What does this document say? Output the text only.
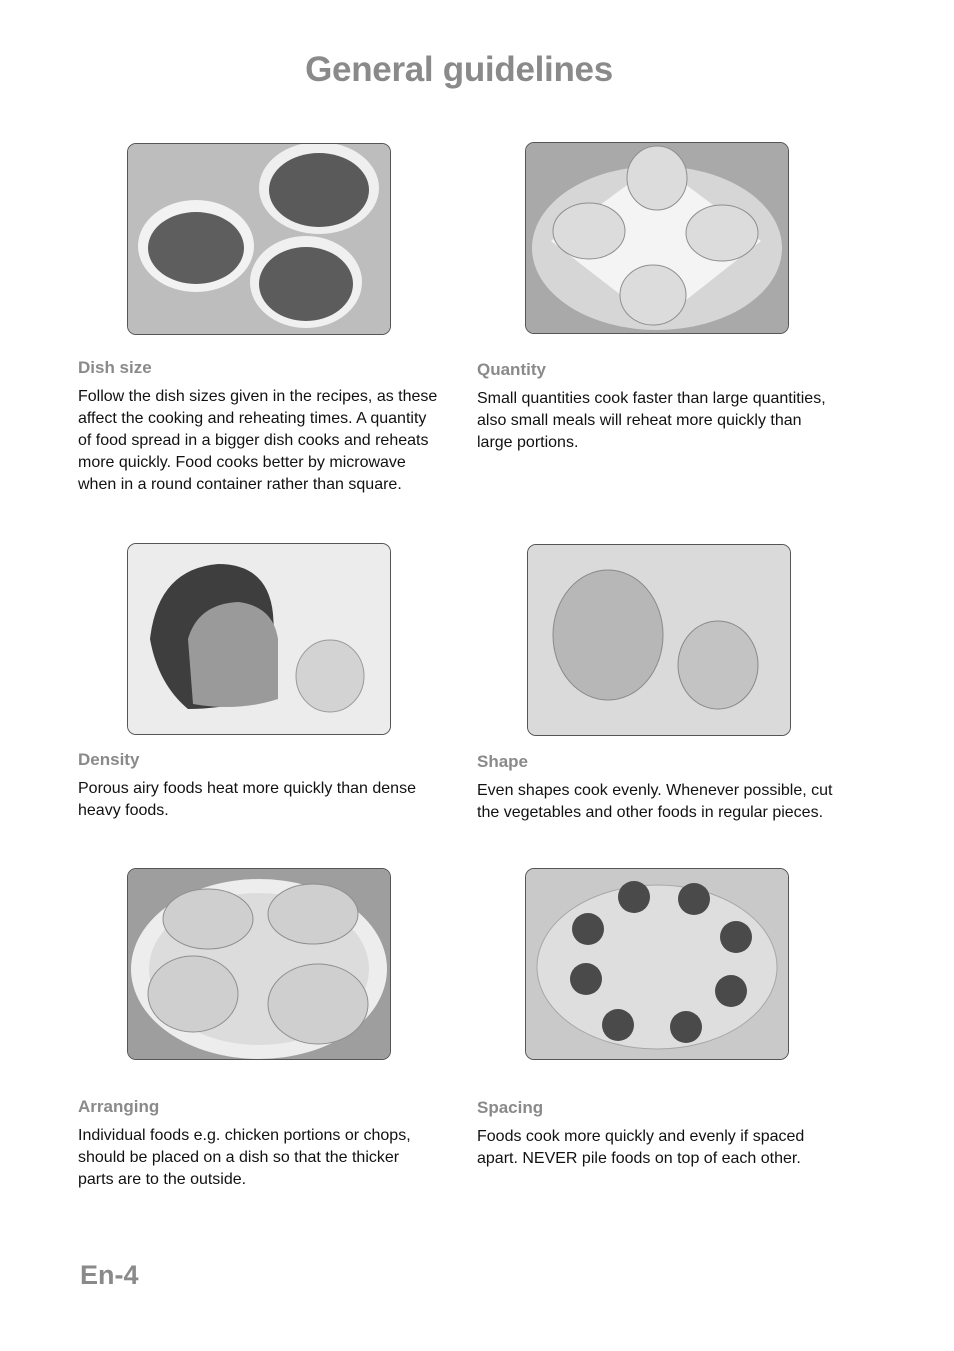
General guidelines
Dish size

Follow the dish sizes given in the recipes, as these affect the cooking and reheating times. A quantity of food spread in a bigger dish cooks and reheats more quickly. Food cooks better by microwave when in a round container rather than square.

Quantity

Small quantities cook faster than large quantities, also small meals will reheat more quickly than large portions.

Density

Porous airy foods heat more quickly than dense heavy foods.

Shape

Even shapes cook evenly. Whenever possible, cut the vegetables and other foods in regular pieces.

Arranging

Individual foods e.g. chicken portions or chops, should be placed on a dish so that the thicker parts are to the outside.

Spacing

Foods cook more quickly and evenly if spaced apart. NEVER pile foods on top of each other.

En-4
